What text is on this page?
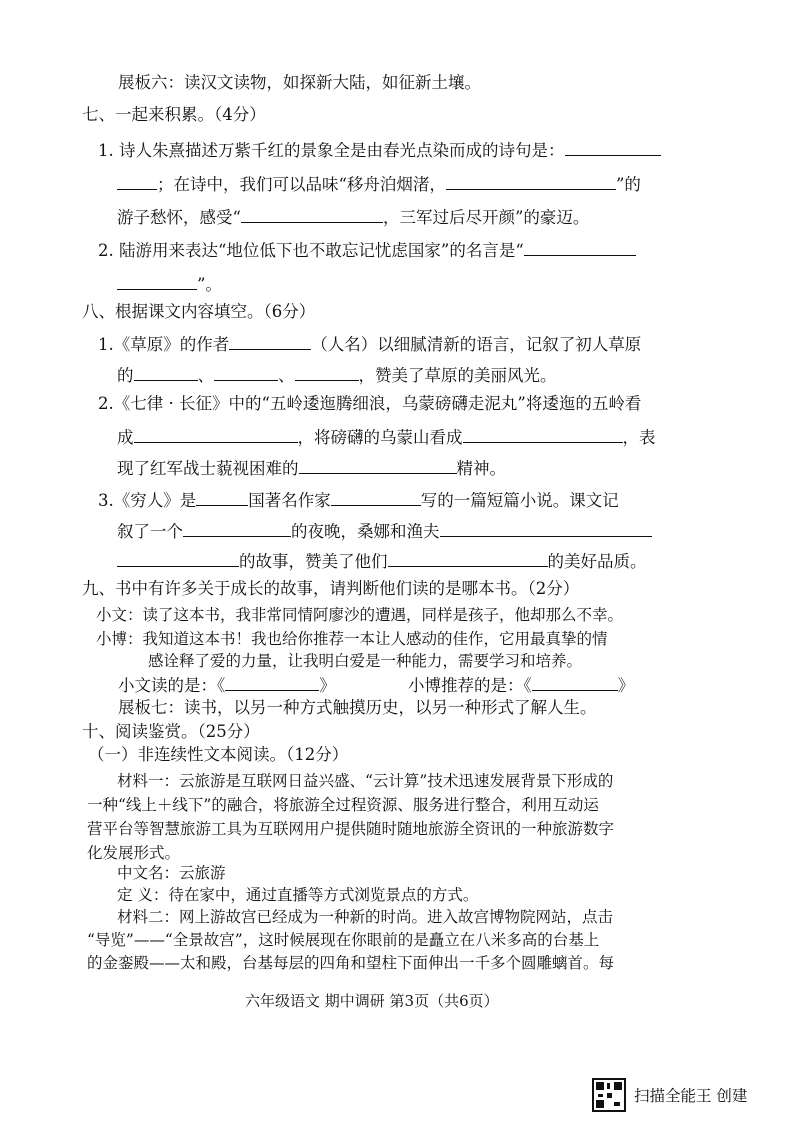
展板六：读汉文读物，如探新大陆，如征新土壤。
七、一起来积累。（4分）
1. 诗人朱熹描述万紫千红的景象全是由春光点染而成的诗句是：
；在诗中，我们可以品味“移舟泊烟渚，	”的
游子愁怀，感受“	，三军过后尽开颜”的豪迈。
2. 陆游用来表达“地位低下也不敢忘记忧虑国家”的名言是“
”。
八、根据课文内容填空。（6分）
1.《草原》的作者	（人名）以细腻清新的语言，记叙了初人草原
的	、	、	，赞美了草原的美丽风光。
2.《七律 · 长征》中的“五岭逶迤腾细浪，乌蒙磅礴走泥丸”将逶迤的五岭看
成	，将磅礴的乌蒙山看成	，表
现了红军战士藐视困难的	精神。
3.《穷人》是	国著名作家	写的一篇短篇小说。课文记
叙了一个	的夜晚，桑娜和渔夫
的故事，赞美了他们	的美好品质。
九、书中有许多关于成长的故事，请判断他们读的是哪本书。（2分）
小文：读了这本书，我非常同情阿廖沙的遭遇，同样是孩子，他却那么不幸。
小博：我知道这本书！我也给你推荐一本让人感动的佳作，它用最真挚的情
感诠释了爱的力量，让我明白爱是一种能力，需要学习和培养。
小文读的是：《	》	小博推荐的是：《	》
展板七：读书，以另一种方式触摸历史，以另一种形式了解人生。
十、阅读鉴赏。（25分）
（一）非连续性文本阅读。（12分）
材料一：云旅游是互联网日益兴盛、“云计算”技术迅速发展背景下形成的
一种“线上＋线下”的融合，将旅游全过程资源、服务进行整合，利用互动运
营平台等智慧旅游工具为互联网用户提供随时随地旅游全资讯的一种旅游数字
化发展形式。
中文名：云旅游
定 义：待在家中，通过直播等方式浏览景点的方式。
材料二：网上游故宫已经成为一种新的时尚。进入故宫博物院网站，点击
“导览”——“全景故宫”，这时候展现在你眼前的是矗立在八米多高的台基上
的金銮殿——太和殿，台基每层的四角和望柱下面伸出一千多个圆雕螭首。每
六年级语文 期中调研 第3页（共6页）
扫描全能王 创建
